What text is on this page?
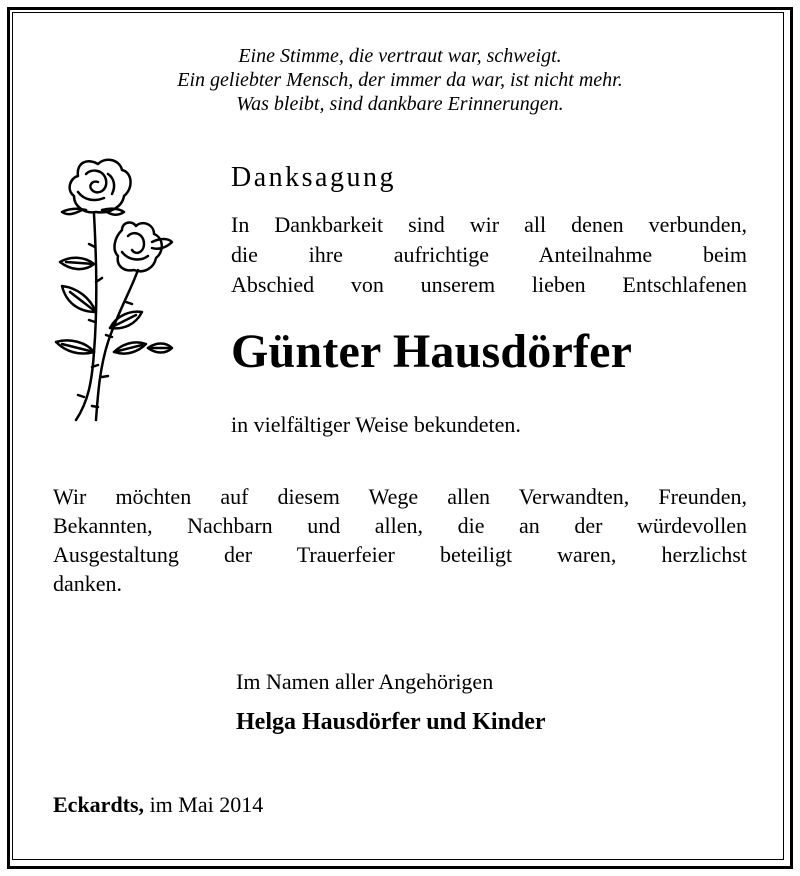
Eine Stimme, die vertraut war, schweigt.
Ein geliebter Mensch, der immer da war, ist nicht mehr.
Was bleibt, sind dankbare Erinnerungen.
Danksagung
In Dankbarkeit sind wir all denen verbunden,
die ihre aufrichtige Anteilnahme beim
Abschied von unserem lieben Entschlafenen
Günter Hausdörfer
in vielfältiger Weise bekundeten.
Wir möchten auf diesem Wege allen Verwandten, Freunden,
Bekannten, Nachbarn und allen, die an der würdevollen
Ausgestaltung der Trauerfeier beteiligt waren, herzlichst
danken.
Im Namen aller Angehörigen
Helga Hausdörfer und Kinder
Eckardts, im Mai 2014
